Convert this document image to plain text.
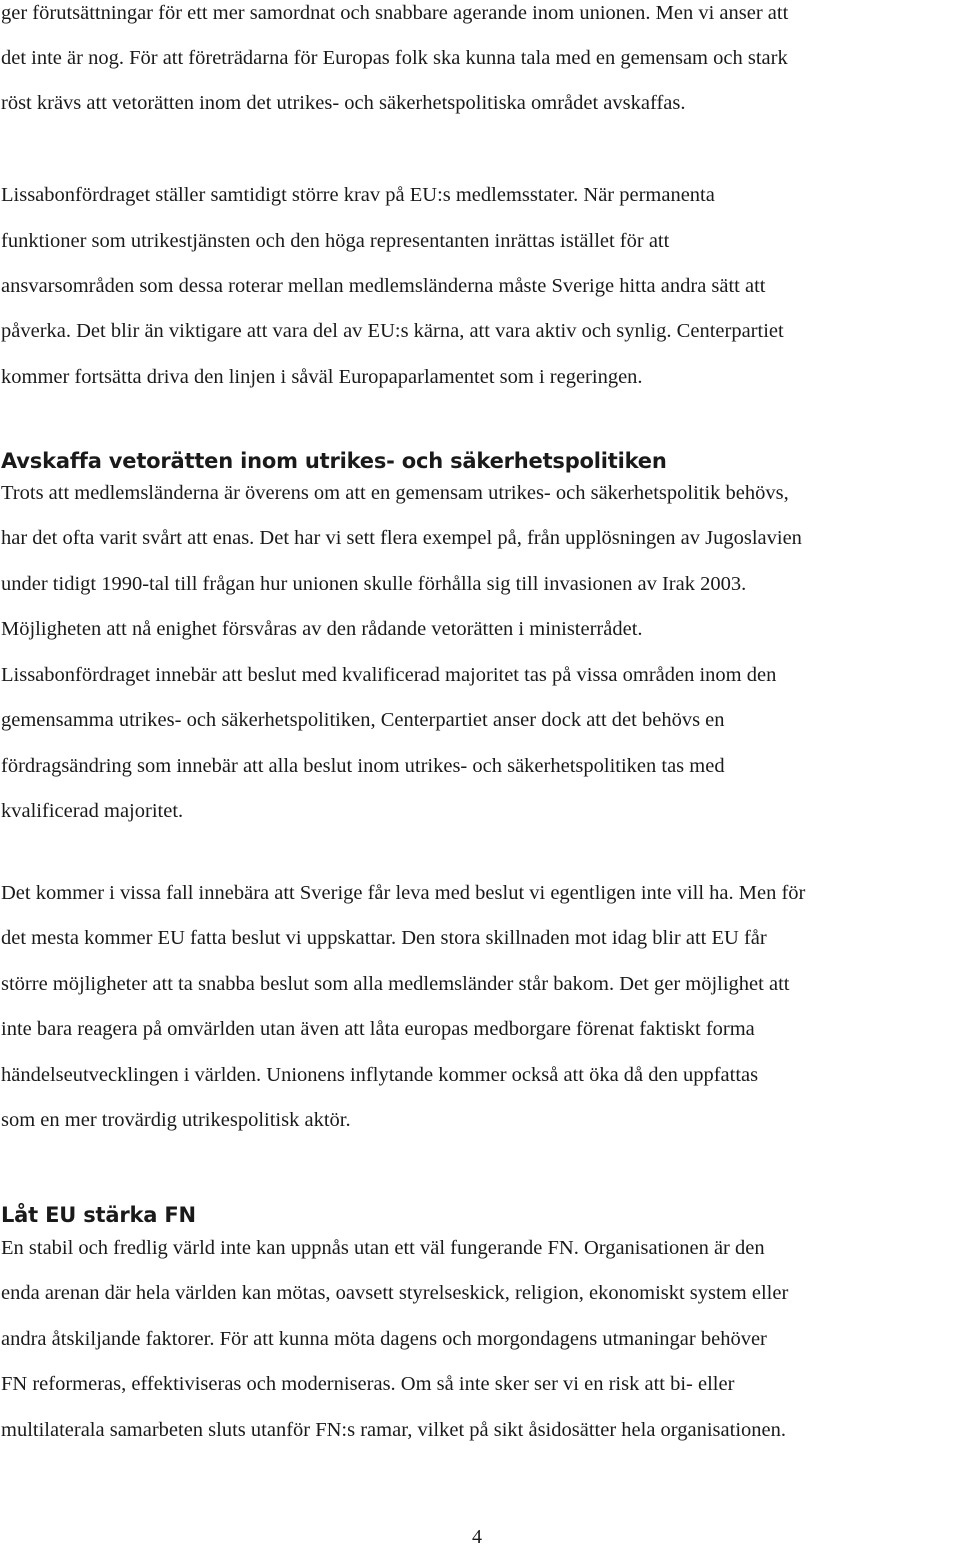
ger förutsättningar för ett mer samordnat och snabbare agerande inom unionen. Men vi anser att

det inte är nog. För att företrädarna för Europas folk ska kunna tala med en gemensam och stark

röst krävs att vetorätten inom det utrikes- och säkerhetspolitiska området avskaffas.

Lissabonfördraget ställer samtidigt större krav på EU:s medlemsstater. När permanenta

funktioner som utrikestjänsten och den höga representanten inrättas istället för att

ansvarsområden som dessa roterar mellan medlemsländerna måste Sverige hitta andra sätt att

påverka. Det blir än viktigare att vara del av EU:s kärna, att vara aktiv och synlig. Centerpartiet

kommer fortsätta driva den linjen i såväl Europaparlamentet som i regeringen.

Avskaffa vetorätten inom utrikes- och säkerhetspolitiken

Trots att medlemsländerna är överens om att en gemensam utrikes- och säkerhetspolitik behövs,

har det ofta varit svårt att enas. Det har vi sett flera exempel på, från upplösningen av Jugoslavien

under tidigt 1990-tal till frågan hur unionen skulle förhålla sig till invasionen av Irak 2003.

Möjligheten att nå enighet försvåras av den rådande vetorätten i ministerrådet.

Lissabonfördraget innebär att beslut med kvalificerad majoritet tas på vissa områden inom den

gemensamma utrikes- och säkerhetspolitiken, Centerpartiet anser dock att det behövs en

fördragsändring som innebär att alla beslut inom utrikes- och säkerhetspolitiken tas med

kvalificerad majoritet.

Det kommer i vissa fall innebära att Sverige får leva med beslut vi egentligen inte vill ha. Men för

det mesta kommer EU fatta beslut vi uppskattar. Den stora skillnaden mot idag blir att EU får

större möjligheter att ta snabba beslut som alla medlemsländer står bakom. Det ger möjlighet att

inte bara reagera på omvärlden utan även att låta europas medborgare förenat faktiskt forma

händelseutvecklingen i världen. Unionens inflytande kommer också att öka då den uppfattas

som en mer trovärdig utrikespolitisk aktör.

Låt EU stärka FN

En stabil och fredlig värld inte kan uppnås utan ett väl fungerande FN. Organisationen är den

enda arenan där hela världen kan mötas, oavsett styrelseskick, religion, ekonomiskt system eller

andra åtskiljande faktorer. För att kunna möta dagens och morgondagens utmaningar behöver

FN reformeras, effektiviseras och moderniseras. Om så inte sker ser vi en risk att bi- eller

multilaterala samarbeten sluts utanför FN:s ramar, vilket på sikt åsidosätter hela organisationen.

4
